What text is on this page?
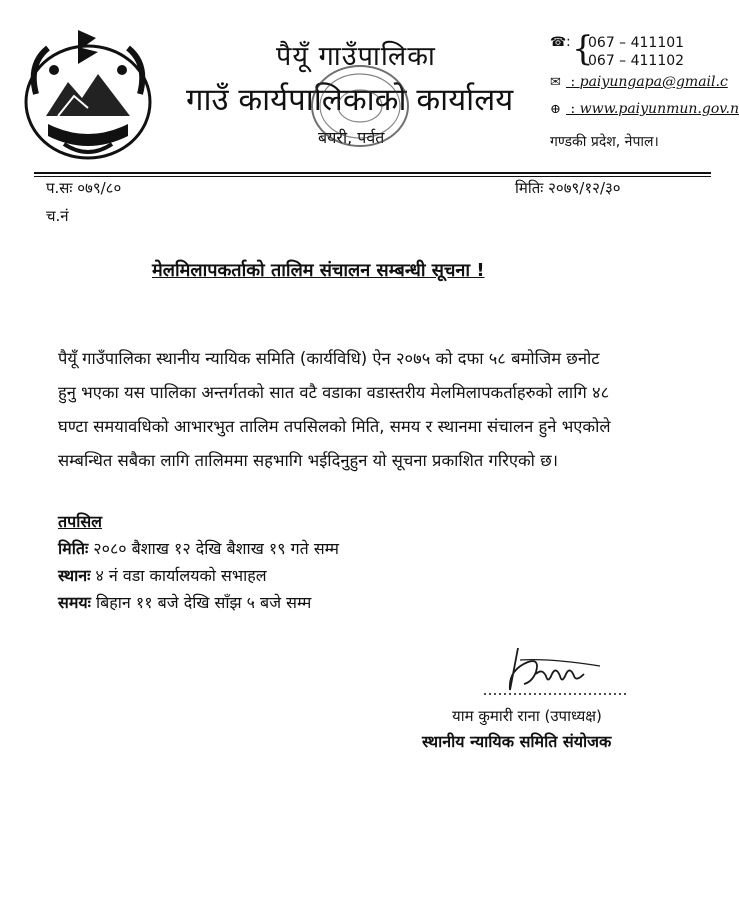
पैयूँ गाउँपालिका
गाउँ कार्यपालिकाको कार्यालय
बयरी, पर्वत
☎: {
067 – 411101
067 – 411102
✉ : paiyungapa@gmail.c
⊕ : www.paiyunmun.gov.n
गण्डकी प्रदेश, नेपाल।
प.सः ०७९/८०
च.नं
मितिः २०७९/१२/३०
मेलमिलापकर्ताको तालिम संचालन सम्बन्धी सूचना !
पैयूँ गाउँपालिका स्थानीय न्यायिक समिति (कार्यविधि) ऐन २०७५ को दफा ५८ बमोजिम छनोट
हुनु भएका यस पालिका अन्तर्गतको सात वटै वडाका वडास्तरीय मेलमिलापकर्ताहरुको लागि ४८
घण्टा समयावधिको आभारभुत तालिम तपसिलको मिति, समय र स्थानमा संचालन हुने भएकोले
सम्बन्धित सबैका लागि तालिममा सहभागि भईदिनुहुन यो सूचना प्रकाशित गरिएको छ।
तपसिल
मितिः २०८० बैशाख १२ देखि बैशाख १९ गते सम्म
स्थानः ४ नं वडा कार्यालयको सभाहल
समयः बिहान ११ बजे देखि साँझ ५ बजे सम्म
याम कुमारी राना (उपाध्यक्ष)
स्थानीय न्यायिक समिति संयोजक
